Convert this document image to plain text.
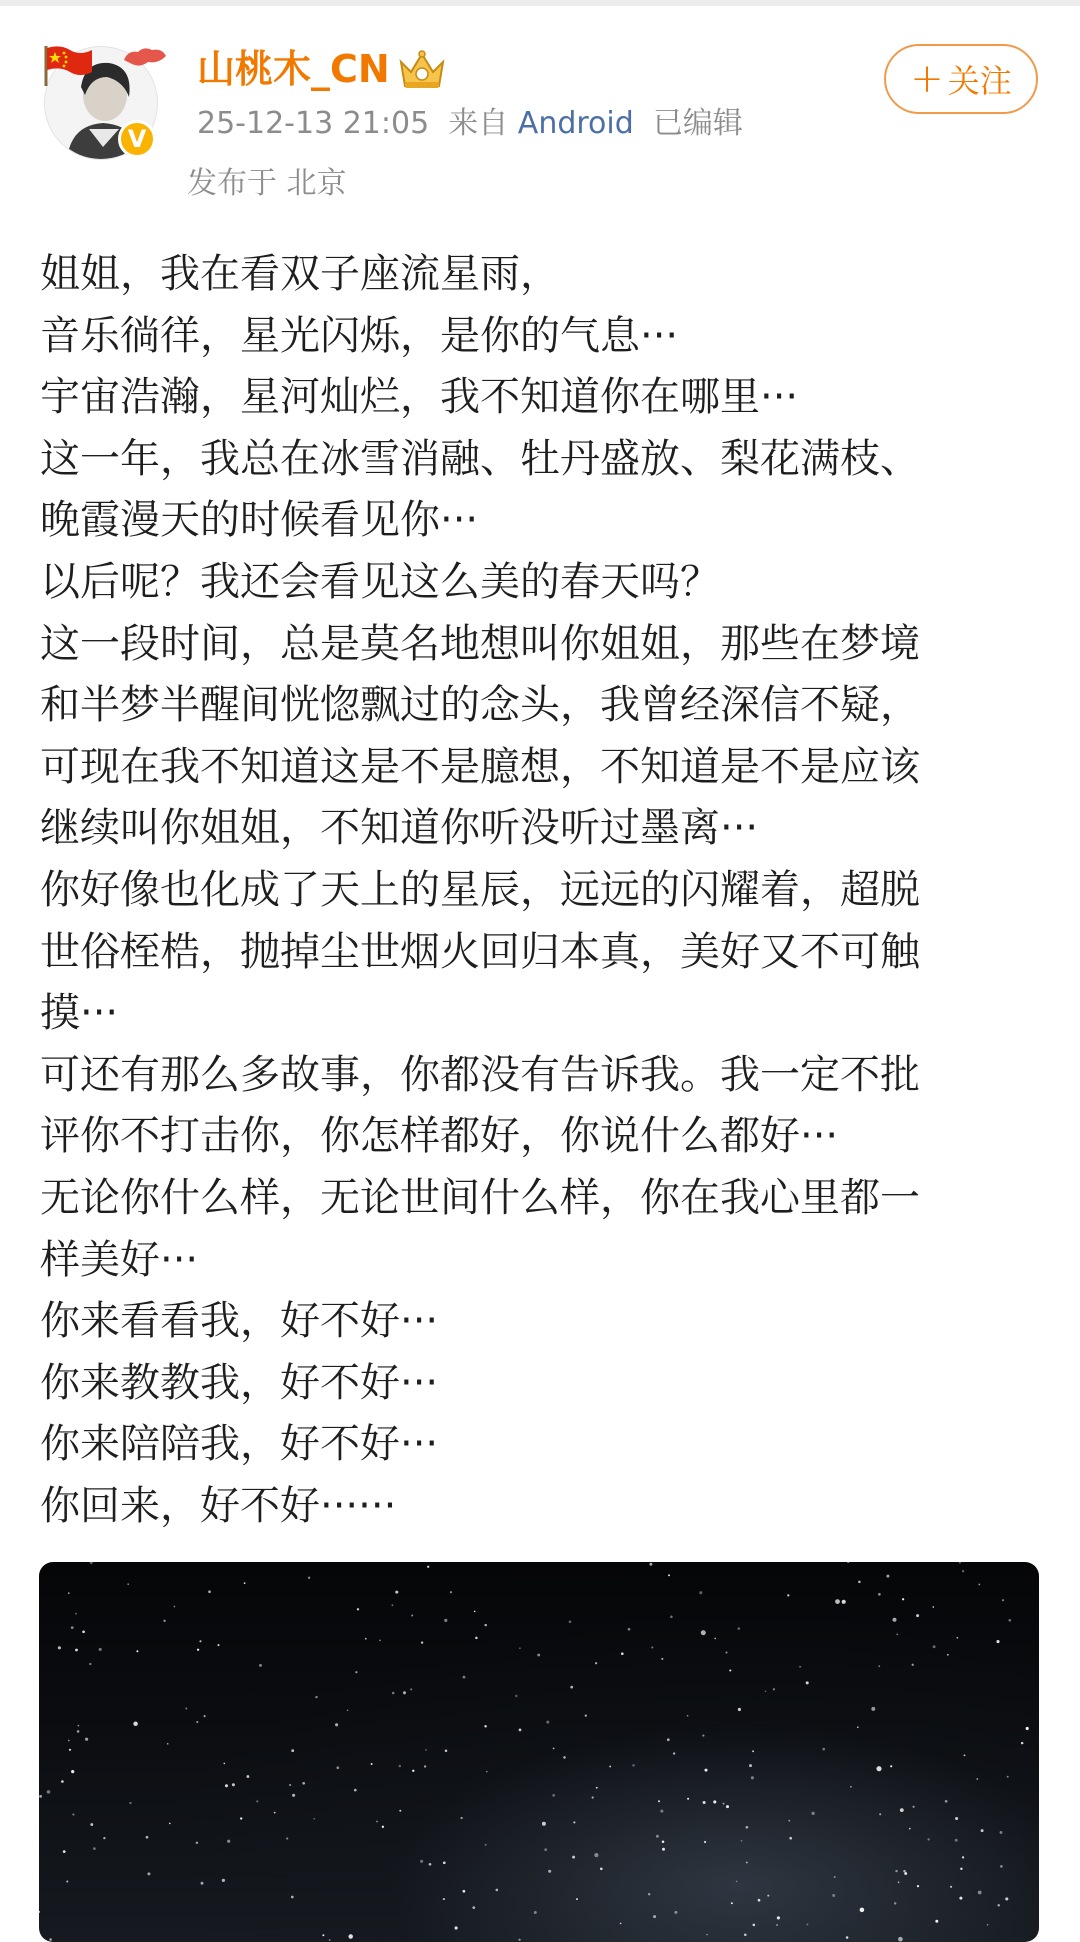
V
山桃木_CN
25-12-13 21:05 来自 Android 已编辑
发布于 北京
+ 关注
姐姐，我在看双子座流星雨，
音乐徜徉，星光闪烁，是你的气息···
宇宙浩瀚，星河灿烂，我不知道你在哪里···
这一年，我总在冰雪消融、牡丹盛放、梨花满枝、
晚霞漫天的时候看见你···
以后呢？我还会看见这么美的春天吗？
这一段时间，总是莫名地想叫你姐姐，那些在梦境
和半梦半醒间恍惚飘过的念头，我曾经深信不疑，
可现在我不知道这是不是臆想，不知道是不是应该
继续叫你姐姐，不知道你听没听过墨离···
你好像也化成了天上的星辰，远远的闪耀着，超脱
世俗桎梏，抛掉尘世烟火回归本真，美好又不可触
摸···
可还有那么多故事，你都没有告诉我。我一定不批
评你不打击你，你怎样都好，你说什么都好···
无论你什么样，无论世间什么样，你在我心里都一
样美好···
你来看看我，好不好···
你来教教我，好不好···
你来陪陪我，好不好···
你回来，好不好······
